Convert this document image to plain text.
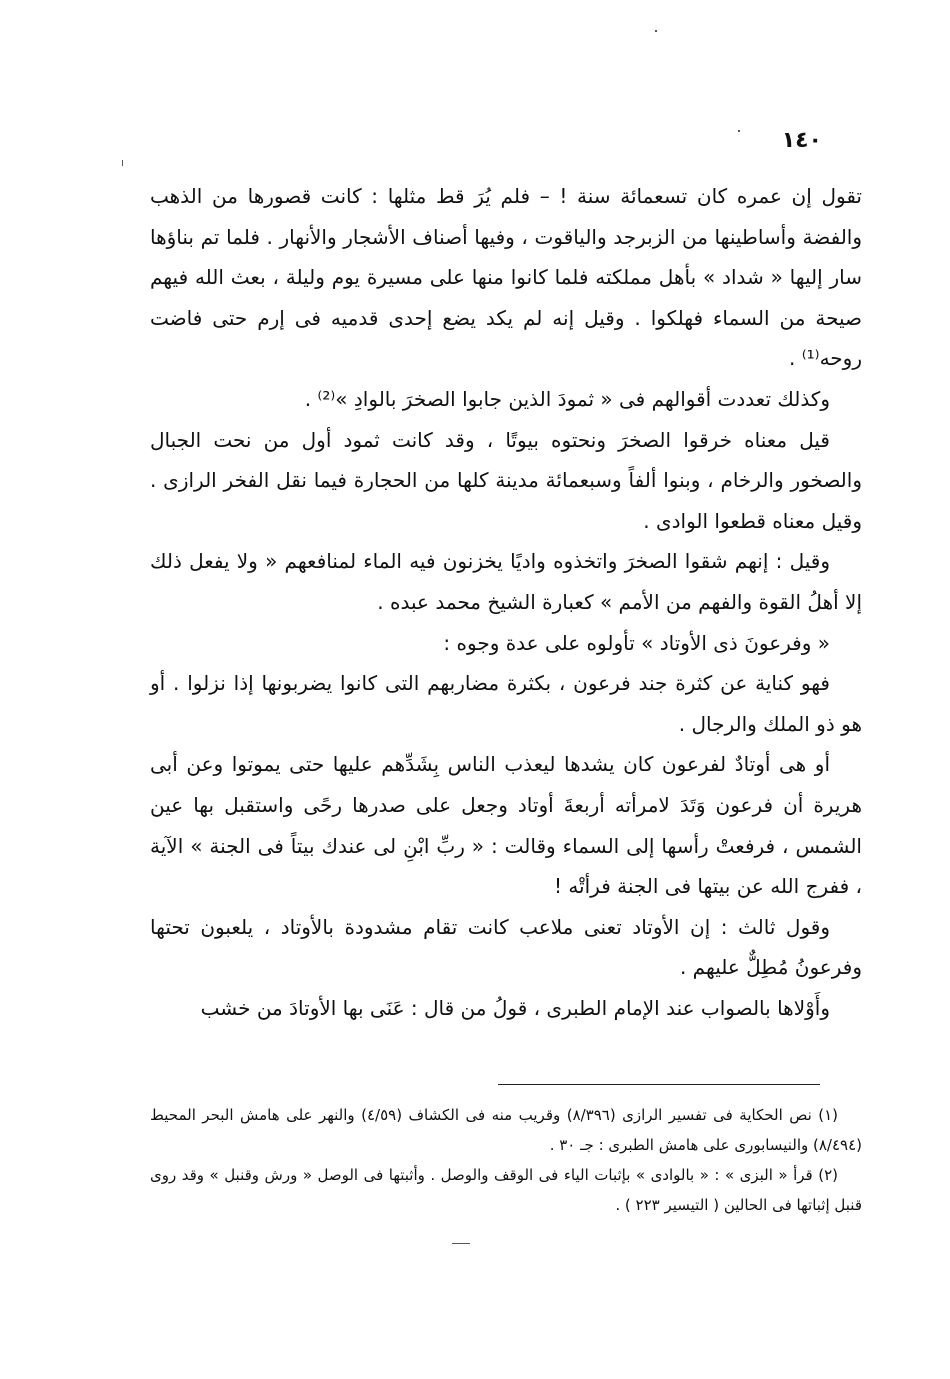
١٤٠

تقول إن عمره كان تسعمائة سنة ! – فلم يُرَ قط مثلها : كانت قصورها من الذهب والفضة وأساطينها من الزبرجد والياقوت ، وفيها أصناف الأشجار والأنهار . فلما تم بناؤها سار إليها « شداد » بأهل مملكته فلما كانوا منها على مسيرة يوم وليلة ، بعث الله فيهم صيحة من السماء فهلكوا . وقيل إنه لم يكد يضع إحدى قدميه فى إرم حتى فاضت روحه⁽¹⁾ .

وكذلك تعددت أقوالهم فى « ثمودَ الذين جابوا الصخرَ بالوادِ »⁽²⁾ .

قيل معناه خرقوا الصخرَ ونحتوه بيوتًا ، وقد كانت ثمود أول من نحت الجبال والصخور والرخام ، وبنوا ألفاً وسبعمائة مدينة كلها من الحجارة فيما نقل الفخر الرازى . وقيل معناه قطعوا الوادى .

وقيل : إنهم شقوا الصخرَ واتخذوه واديًا يخزنون فيه الماء لمنافعهم « ولا يفعل ذلك إلا أهلُ القوة والفهم من الأمم » كعبارة الشيخ محمد عبده .

« وفرعونَ ذى الأوتاد » تأولوه على عدة وجوه :

فهو كناية عن كثرة جند فرعون ، بكثرة مضاربهم التى كانوا يضربونها إذا نزلوا . أو هو ذو الملك والرجال .

أو هى أوتادٌ لفرعون كان يشدها ليعذب الناس بِشَدِّهم عليها حتى يموتوا وعن أبى هريرة أن فرعون وَتَدَ لامرأته أربعةَ أوتاد وجعل على صدرها رحًى واستقبل بها عين الشمس ، فرفعتْ رأسها إلى السماء وقالت : « ربِّ ابْنِ لى عندك بيتاً فى الجنة » الآية ، ففرج الله عن بيتها فى الجنة فرأتْه !

وقول ثالث : إن الأوتاد تعنى ملاعب كانت تقام مشدودة بالأوتاد ، يلعبون تحتها وفرعونُ مُطِلٌّ عليهم .

وأَوْلاها بالصواب عند الإمام الطبرى ، قولُ من قال : عَنَى بها الأوتادَ من خشب

(١) نص الحكاية فى تفسير الرازى (٨/٣٩٦) وقريب منه فى الكشاف (٤/٥٩) والنهر على هامش البحر المحيط (٨/٤٩٤) والنيسابورى على هامش الطبرى : جـ ٣٠ .

(٢) قرأ « البزى » : « بالوادى » بإثبات الياء فى الوقف والوصل . وأثبتها فى الوصل « ورش وقنبل » وقد روى قنبل إثباتها فى الحالين ( التيسير ٢٢٣ ) .
